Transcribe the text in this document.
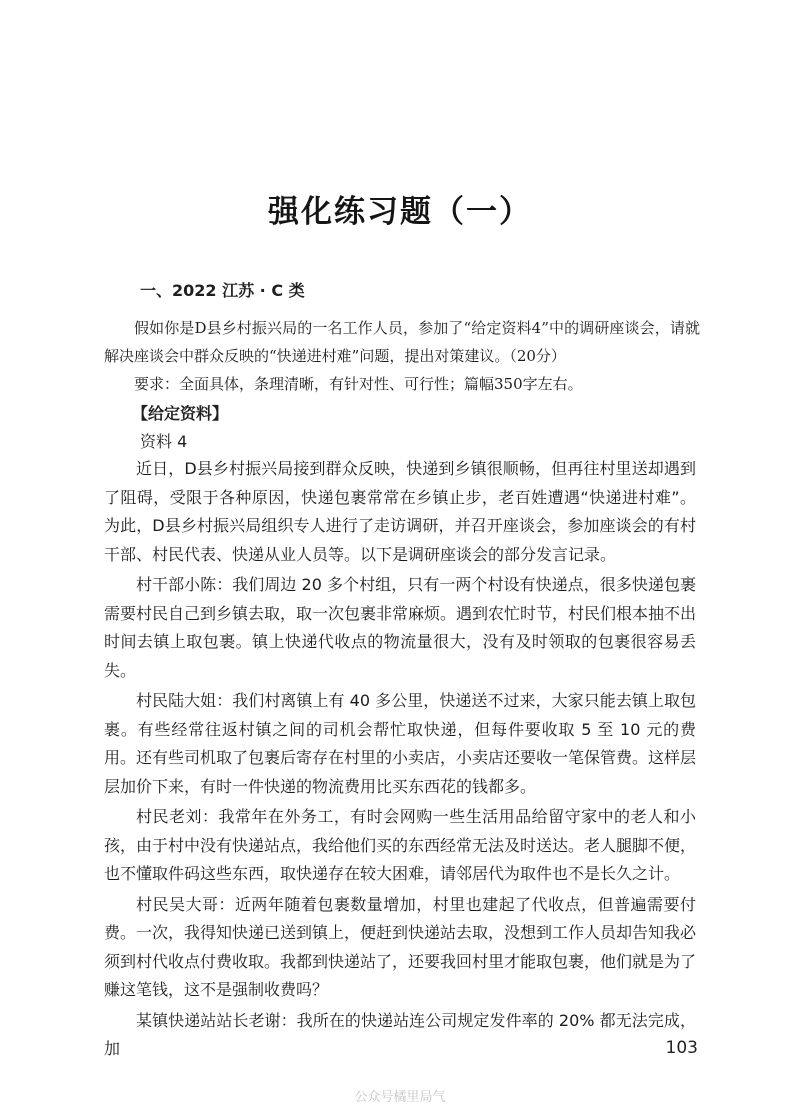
强化练习题（一）
一、2022 江苏 · C 类

假如你是D县乡村振兴局的一名工作人员，参加了“给定资料4”中的调研座谈会，请就解决座谈会中群众反映的“快递进村难”问题，提出对策建议。（20分）

要求：全面具体，条理清晰，有针对性、可行性；篇幅350字左右。

【给定资料】

资料 4

近日，D县乡村振兴局接到群众反映，快递到乡镇很顺畅，但再往村里送却遇到了阻碍，受限于各种原因，快递包裹常常在乡镇止步，老百姓遭遇“快递进村难”。为此，D县乡村振兴局组织专人进行了走访调研，并召开座谈会，参加座谈会的有村干部、村民代表、快递从业人员等。以下是调研座谈会的部分发言记录。

村干部小陈：我们周边 20 多个村组，只有一两个村设有快递点，很多快递包裹需要村民自己到乡镇去取，取一次包裹非常麻烦。遇到农忙时节，村民们根本抽不出时间去镇上取包裹。镇上快递代收点的物流量很大，没有及时领取的包裹很容易丢失。

村民陆大姐：我们村离镇上有 40 多公里，快递送不过来，大家只能去镇上取包裹。有些经常往返村镇之间的司机会帮忙取快递，但每件要收取 5 至 10 元的费用。还有些司机取了包裹后寄存在村里的小卖店，小卖店还要收一笔保管费。这样层层加价下来，有时一件快递的物流费用比买东西花的钱都多。

村民老刘：我常年在外务工，有时会网购一些生活用品给留守家中的老人和小孩，由于村中没有快递站点，我给他们买的东西经常无法及时送达。老人腿脚不便，也不懂取件码这些东西，取快递存在较大困难，请邻居代为取件也不是长久之计。

村民吴大哥：近两年随着包裹数量增加，村里也建起了代收点，但普遍需要付费。一次，我得知快递已送到镇上，便赶到快递站去取，没想到工作人员却告知我必须到村代收点付费收取。我都到快递站了，还要我回村里才能取包裹，他们就是为了赚这笔钱，这不是强制收费吗？

某镇快递站站长老谢：我所在的快递站连公司规定发件率的 20% 都无法完成，加	103

公众号橘里局气
